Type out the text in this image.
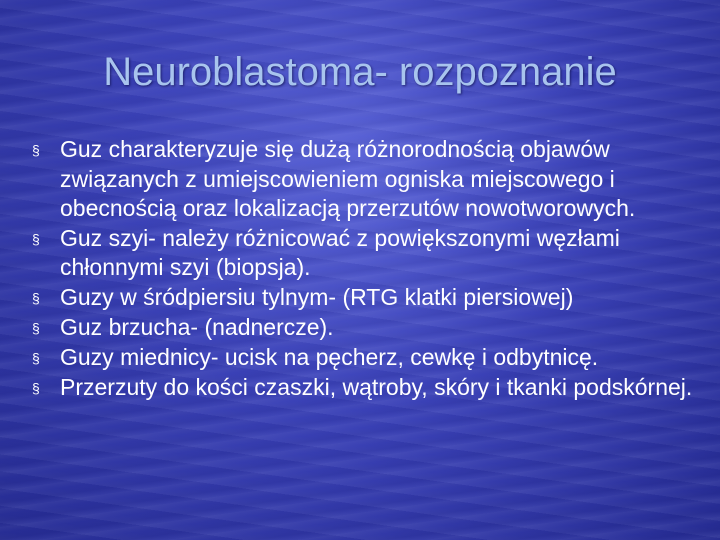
Neuroblastoma- rozpoznanie
§ Guz charakteryzuje się dużą różnorodnością objawów związanych z umiejscowieniem ogniska miejscowego i obecnością oraz lokalizacją przerzutów nowotworowych.
§ Guz szyi- należy różnicować z powiększonymi węzłami chłonnymi szyi (biopsja).
§ Guzy w śródpiersiu tylnym- (RTG klatki piersiowej)
§ Guz brzucha- (nadnercze).
§ Guzy miednicy- ucisk na pęcherz, cewkę i odbytnicę.
§ Przerzuty do kości czaszki, wątroby, skóry i tkanki podskórnej.
